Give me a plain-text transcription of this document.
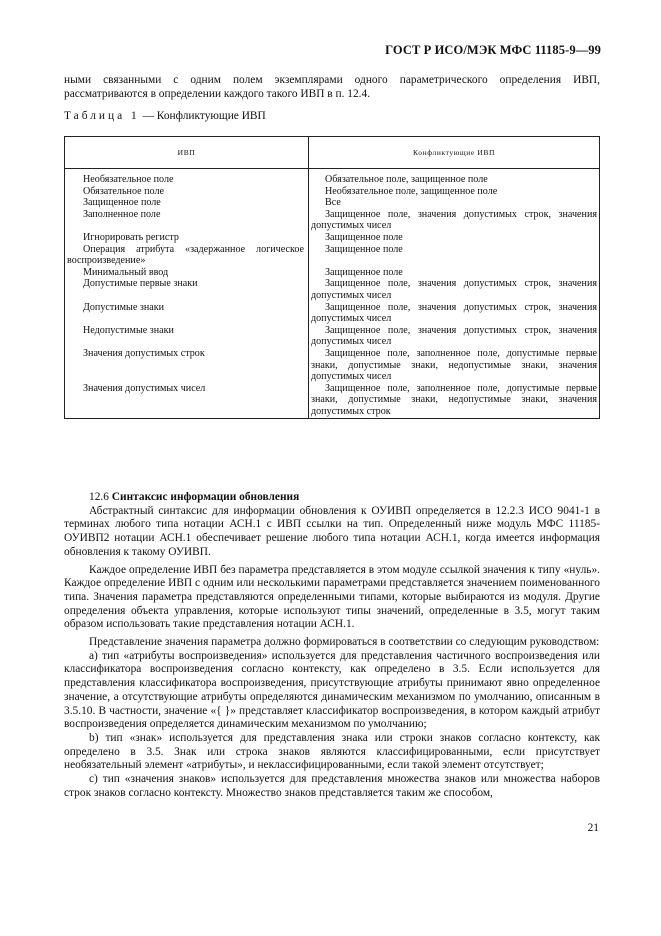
ГОСТ Р ИСО/МЭК МФС 11185-9—99
ными связанными с одним полем экземплярами одного параметрического определения ИВП, рассматриваются в определении каждого такого ИВП в п. 12.4.
Таблица 1 — Конфликтующие ИВП
ИВП	Конфликтующие ИВП
Необязательное поле	Обязательное поле, защищенное поле
Обязательное поле	Необязательное поле, защищенное поле
Защищенное поле	Все
Заполненное поле	Защищенное поле, значения допустимых строк, значения допустимых чисел
Игнорировать регистр	Защищенное поле
Операция атрибута «задержанное логическое воспроизведение»	Защищенное поле
Минимальный ввод	Защищенное поле
Допустимые первые знаки	Защищенное поле, значения допустимых строк, значения допустимых чисел
Допустимые знаки	Защищенное поле, значения допустимых строк, значения допустимых чисел
Недопустимые знаки	Защищенное поле, значения допустимых строк, значения допустимых чисел
Значения допустимых строк	Защищенное поле, заполненное поле, допустимые первые знаки, допустимые знаки, недопустимые знаки, значения допустимых чисел
Значения допустимых чисел	Защищенное поле, заполненное поле, допустимые первые знаки, допустимые знаки, недопустимые знаки, значения допустимых строк

12.6 Синтаксис информации обновления

Абстрактный синтаксис для информации обновления к ОУИВП определяется в 12.2.3 ИСО 9041-1 в терминах любого типа нотации АСН.1 с ИВП ссылки на тип. Определенный ниже модуль МФС 11185-ОУИВП2 нотации АСН.1 обеспечивает решение любого типа нотации АСН.1, когда имеется информация обновления к такому ОУИВП.

Каждое определение ИВП без параметра представляется в этом модуле ссылкой значения к типу «нуль». Каждое определение ИВП с одним или несколькими параметрами представляется значением поименованного типа. Значения параметра представляются определенными типами, которые выбираются из модуля. Другие определения объекта управления, которые используют типы значений, определенные в 3.5, могут таким образом использовать такие представления нотации АСН.1.

Представление значения параметра должно формироваться в соответствии со следующим руководством:

а) тип «атрибуты воспроизведения» используется для представления частичного воспроизведения или классификатора воспроизведения согласно контексту, как определено в 3.5. Если используется для представления классификатора воспроизведения, присутствующие атрибуты принимают явно определенное значение, а отсутствующие атрибуты определяются динамическим механизмом по умолчанию, описанным в 3.5.10. В частности, значение «{ }» представляет классификатор воспроизведения, в котором каждый атрибут воспроизведения определяется динамическим механизмом по умолчанию;

b) тип «знак» используется для представления знака или строки знаков согласно контексту, как определено в 3.5. Знак или строка знаков являются классифицированными, если присутствует необязательный элемент «атрибуты», и неклассифицированными, если такой элемент отсутствует;

c) тип «значения знаков» используется для представления множества знаков или множества наборов строк знаков согласно контексту. Множество знаков представляется таким же способом,

21
